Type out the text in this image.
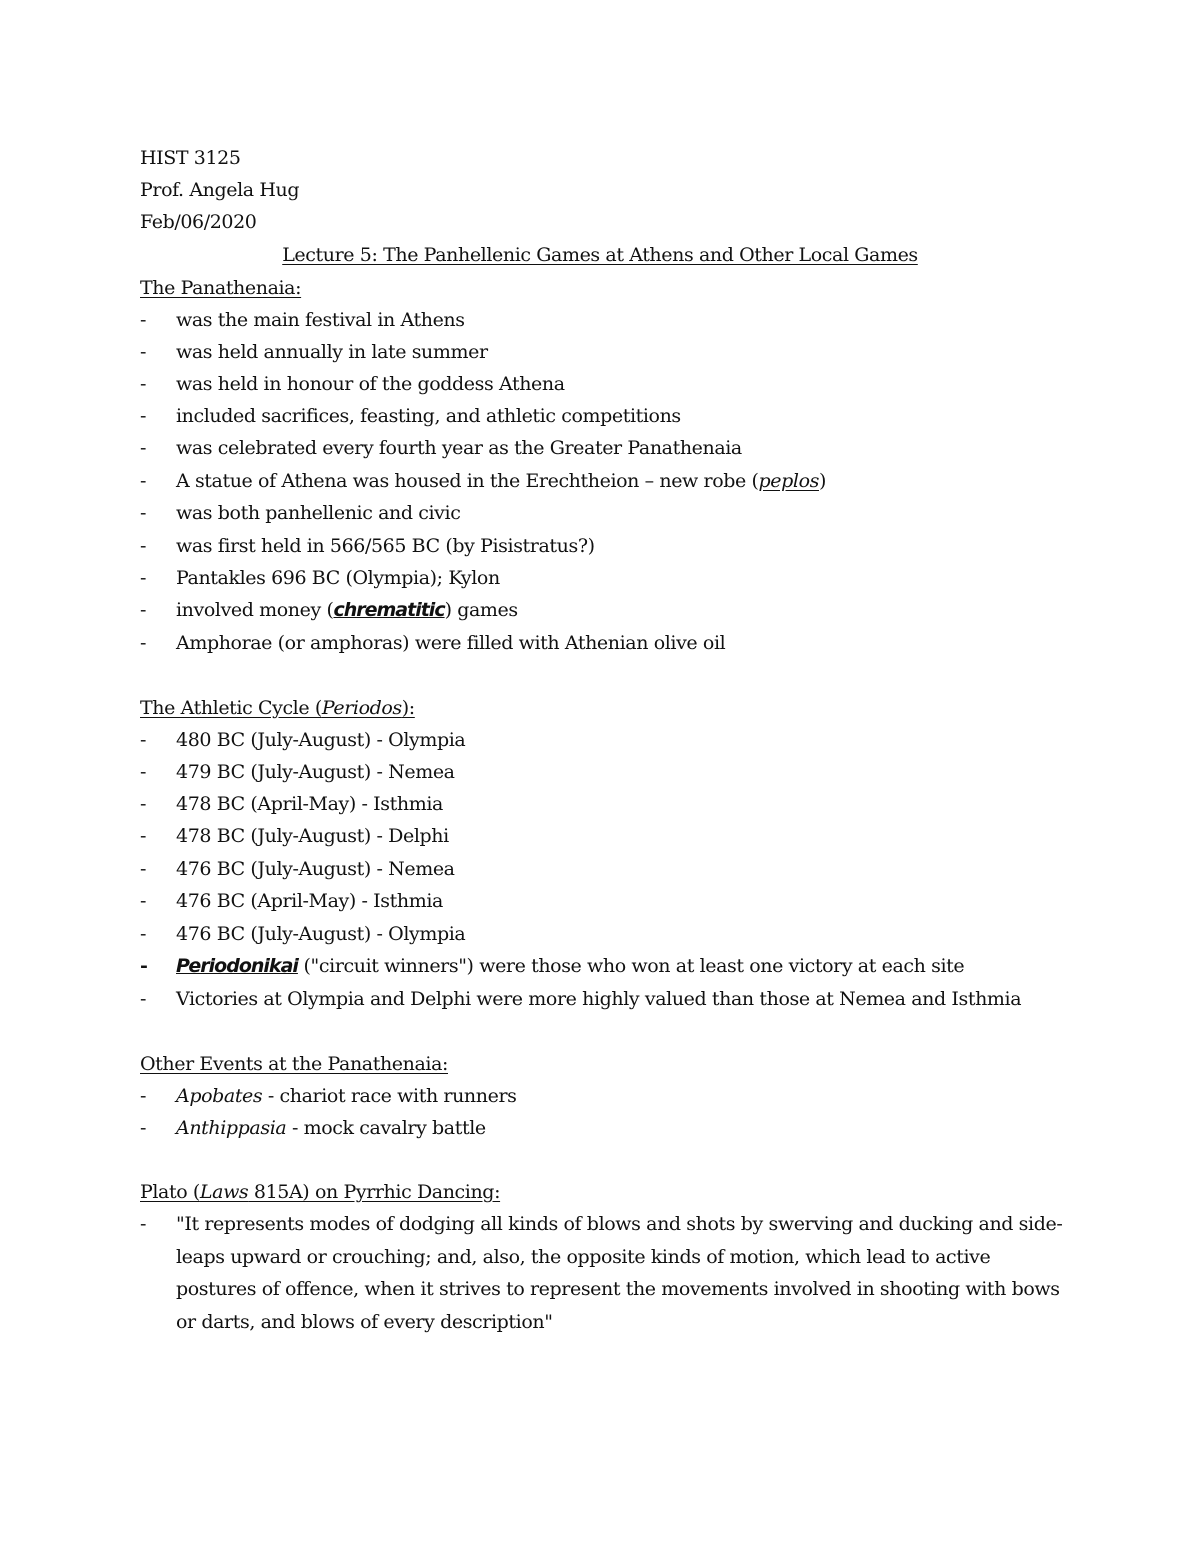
HIST 3125
Prof. Angela Hug
Feb/06/2020
Lecture 5: The Panhellenic Games at Athens and Other Local Games
The Panathenaia:
-	was the main festival in Athens
-	was held annually in late summer
-	was held in honour of the goddess Athena
-	included sacrifices, feasting, and athletic competitions
-	was celebrated every fourth year as the Greater Panathenaia
-	A statue of Athena was housed in the Erechtheion – new robe (peplos)
-	was both panhellenic and civic
-	was first held in 566/565 BC (by Pisistratus?)
-	Pantakles 696 BC (Olympia); Kylon
-	involved money (chrematitic) games
-	Amphorae (or amphoras) were filled with Athenian olive oil
The Athletic Cycle (Periodos):
-	480 BC (July-August) - Olympia
-	479 BC (July-August) - Nemea
-	478 BC (April-May) - Isthmia
-	478 BC (July-August) - Delphi
-	476 BC (July-August) - Nemea
-	476 BC (April-May) - Isthmia
-	476 BC (July-August) - Olympia
-	Periodonikai ("circuit winners") were those who won at least one victory at each site
-	Victories at Olympia and Delphi were more highly valued than those at Nemea and Isthmia
Other Events at the Panathenaia:
-	Apobates - chariot race with runners
-	Anthippasia - mock cavalry battle
Plato (Laws 815A) on Pyrrhic Dancing:
-	"It represents modes of dodging all kinds of blows and shots by swerving and ducking and side-leaps upward or crouching; and, also, the opposite kinds of motion, which lead to active postures of offence, when it strives to represent the movements involved in shooting with bows or darts, and blows of every description"
